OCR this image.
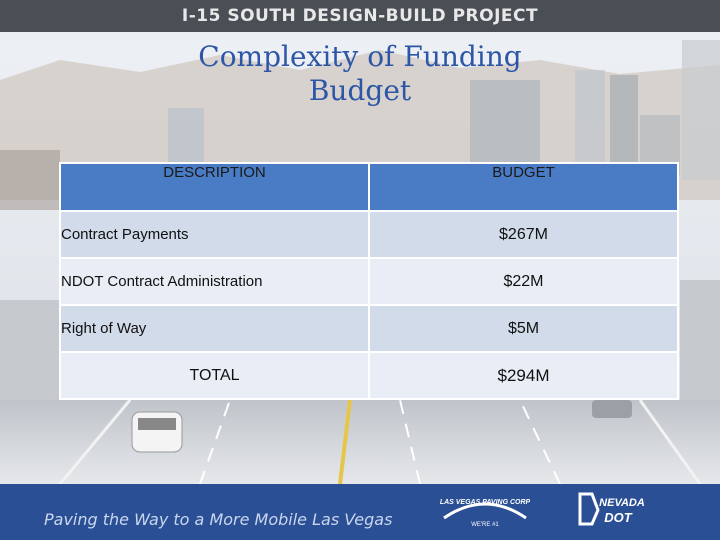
I-15 SOUTH DESIGN-BUILD PROJECT
Complexity of Funding
Budget
DESCRIPTION	BUDGET
Contract Payments	$267M
NDOT Contract Administration	$22M
Right of Way	$5M
TOTAL	$294M
Paving the Way to a More Mobile Las Vegas
LAS VEGAS PAVING CORP
WE'RE #1
NEVADA
DOT
